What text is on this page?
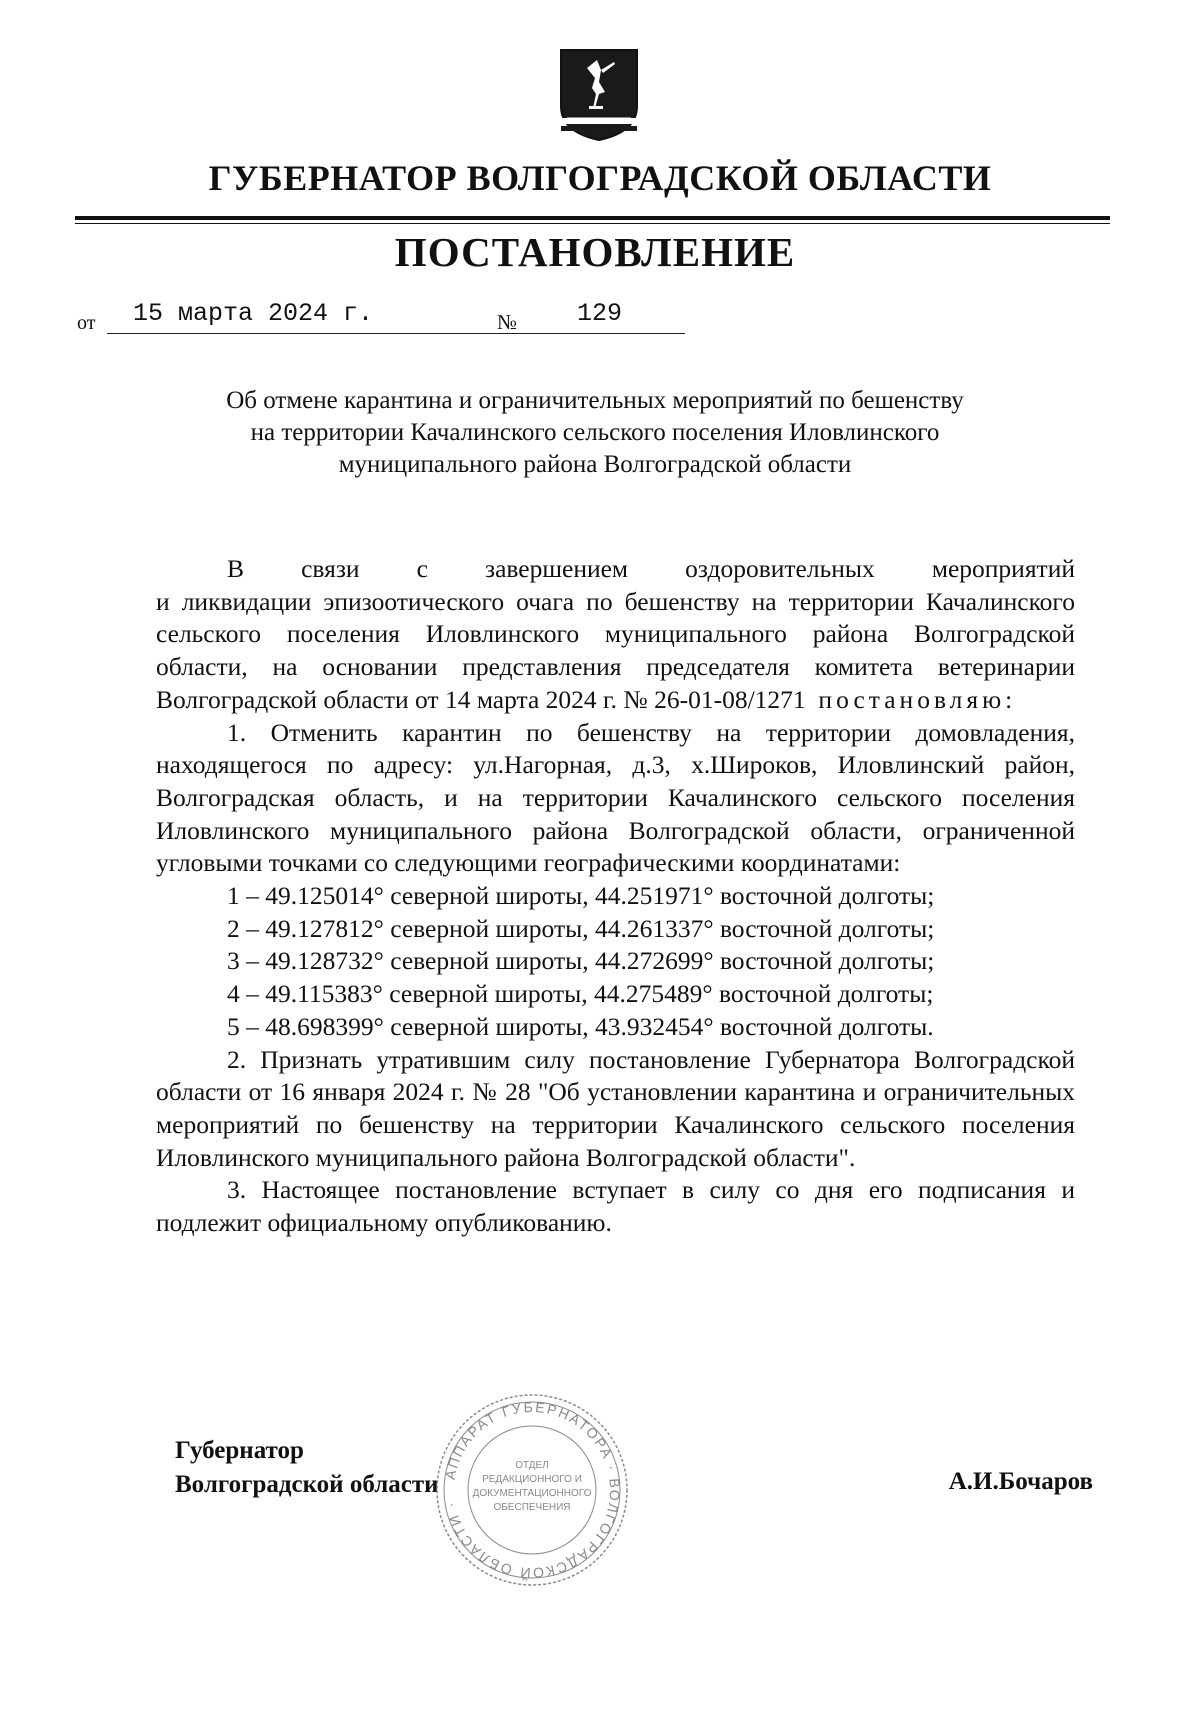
ГУБЕРНАТОР ВОЛГОГРАДСКОЙ ОБЛАСТИ
ПОСТАНОВЛЕНИЕ
от 15 марта 2024 г.	№ 129
Об отмене карантина и ограничительных мероприятий по бешенству
на территории Качалинского сельского поселения Иловлинского
муниципального района Волгоградской области

В связи с завершением оздоровительных мероприятий

и ликвидации эпизоотического очага по бешенству на территории Качалинского сельского поселения Иловлинского муниципального района Волгоградской области, на основании представления председателя комитета ветеринарии Волгоградской области от 14 марта 2024 г. № 26-01-08/1271 постановляю:

1. Отменить карантин по бешенству на территории домовладения, находящегося по адресу: ул.Нагорная, д.3, х.Широков, Иловлинский район, Волгоградская область, и на территории Качалинского сельского поселения Иловлинского муниципального района Волгоградской области, ограниченной угловыми точками со следующими географическими координатами:

1 – 49.125014° северной широты, 44.251971° восточной долготы;

2 – 49.127812° северной широты, 44.261337° восточной долготы;

3 – 49.128732° северной широты, 44.272699° восточной долготы;

4 – 49.115383° северной широты, 44.275489° восточной долготы;

5 – 48.698399° северной широты, 43.932454° восточной долготы.

2. Признать утратившим силу постановление Губернатора Волгоградской области от 16 января 2024 г. № 28 "Об установлении карантина и ограничительных мероприятий по бешенству на территории Качалинского сельского поселения Иловлинского муниципального района Волгоградской области".

3. Настоящее постановление вступает в силу со дня его подписания и подлежит официальному опубликованию.

Губернатор
Волгоградской области	А.И.Бочаров
АППАРАТ ГУБЕРНАТОРА · ВОЛГОГРАДСКОЙ ОБЛАСТИ ·
ОТДЕЛ
РЕДАКЦИОННОГО И
ДОКУМЕНТАЦИОННОГО
ОБЕСПЕЧЕНИЯ
